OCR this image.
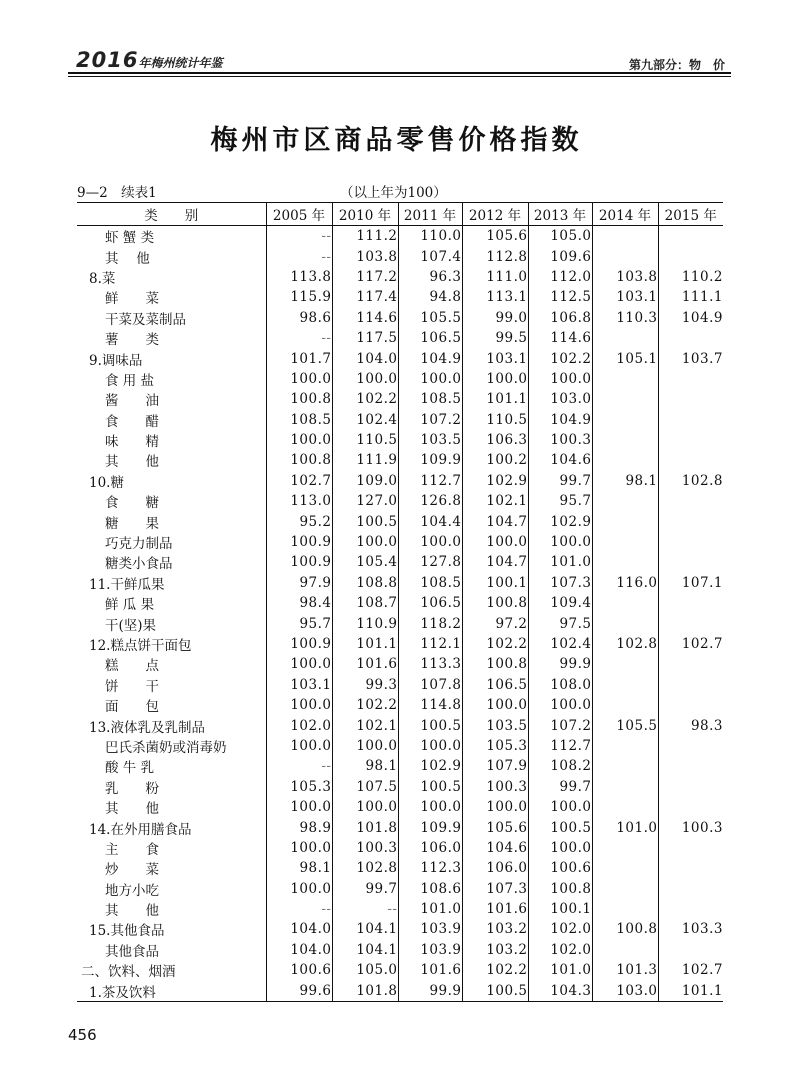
2016年梅州统计年鉴	第九部分：物　价
梅州市区商品零售价格指数
9—2　续表1	（以上年为100）
类　　别	2005 年	2010 年	2011 年	2012 年	2013 年	2014 年	2015 年
虾 蟹 类	--	111.2	110.0	105.6	105.0		
其　 他	--	103.8	107.4	112.8	109.6		
8.菜	113.8	117.2	96.3	111.0	112.0	103.8	110.2
鲜　　菜	115.9	117.4	94.8	113.1	112.5	103.1	111.1
干菜及菜制品	98.6	114.6	105.5	99.0	106.8	110.3	104.9
薯　　类	--	117.5	106.5	99.5	114.6		
9.调味品	101.7	104.0	104.9	103.1	102.2	105.1	103.7
食 用 盐	100.0	100.0	100.0	100.0	100.0		
酱　　油	100.8	102.2	108.5	101.1	103.0		
食　　醋	108.5	102.4	107.2	110.5	104.9		
味　　精	100.0	110.5	103.5	106.3	100.3		
其　　他	100.8	111.9	109.9	100.2	104.6		
10.糖	102.7	109.0	112.7	102.9	99.7	98.1	102.8
食　　糖	113.0	127.0	126.8	102.1	95.7		
糖　　果	95.2	100.5	104.4	104.7	102.9		
巧克力制品	100.9	100.0	100.0	100.0	100.0		
糖类小食品	100.9	105.4	127.8	104.7	101.0		
11.干鲜瓜果	97.9	108.8	108.5	100.1	107.3	116.0	107.1
鲜 瓜 果	98.4	108.7	106.5	100.8	109.4		
干(坚)果	95.7	110.9	118.2	97.2	97.5		
12.糕点饼干面包	100.9	101.1	112.1	102.2	102.4	102.8	102.7
糕　　点	100.0	101.6	113.3	100.8	99.9		
饼　　干	103.1	99.3	107.8	106.5	108.0		
面　　包	100.0	102.2	114.8	100.0	100.0		
13.液体乳及乳制品	102.0	102.1	100.5	103.5	107.2	105.5	98.3
巴氏杀菌奶或消毒奶	100.0	100.0	100.0	105.3	112.7		
酸 牛 乳	--	98.1	102.9	107.9	108.2		
乳　　粉	105.3	107.5	100.5	100.3	99.7		
其　　他	100.0	100.0	100.0	100.0	100.0		
14.在外用膳食品	98.9	101.8	109.9	105.6	100.5	101.0	100.3
主　　食	100.0	100.3	106.0	104.6	100.0		
炒　　菜	98.1	102.8	112.3	106.0	100.6		
地方小吃	100.0	99.7	108.6	107.3	100.8		
其　　他	--	--	101.0	101.6	100.1		
15.其他食品	104.0	104.1	103.9	103.2	102.0	100.8	103.3
其他食品	104.0	104.1	103.9	103.2	102.0		
二、饮料、烟酒	100.6	105.0	101.6	102.2	101.0	101.3	102.7
1.茶及饮料	99.6	101.8	99.9	100.5	104.3	103.0	101.1
456
